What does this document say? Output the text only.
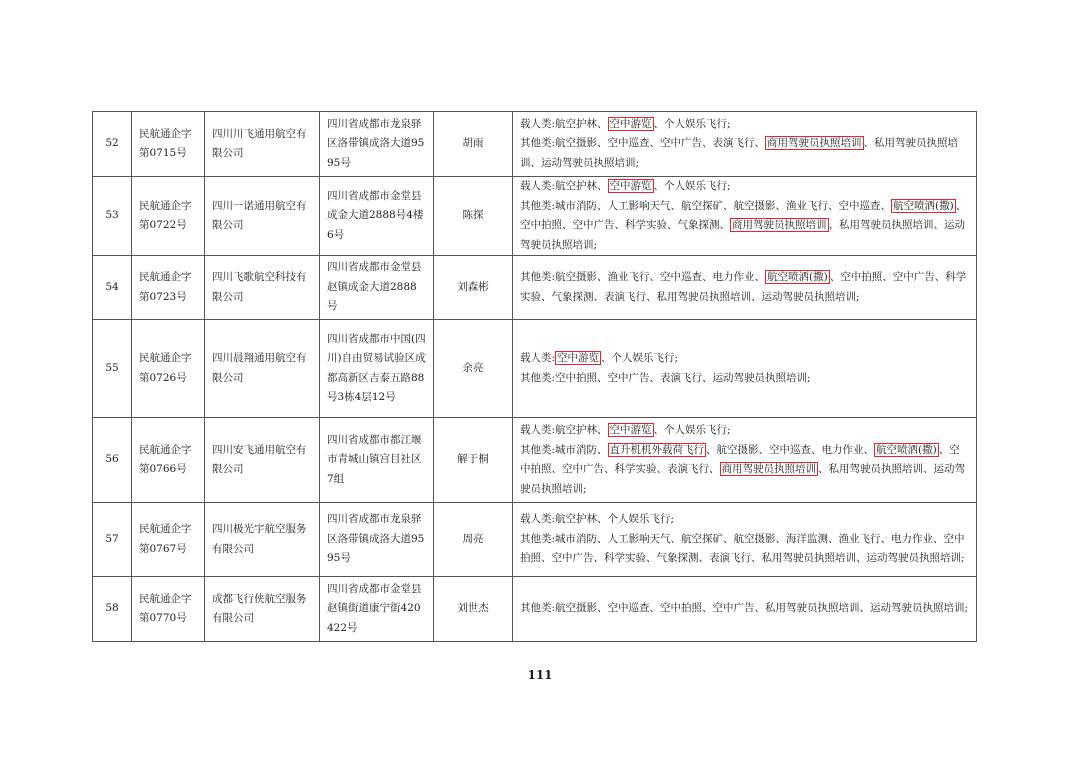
52	民航通企字第0715号	四川川飞通用航空有限公司	四川省成都市龙泉驿区洛带镇成洛大道9595号	胡雨	载人类:航空护林、 空中游览 、个人娱乐飞行;
其他类:航空摄影、空中巡查、空中广告、表演飞行、 商用驾驶员执照培训 、私用驾驶员执照培训、运动驾驶员执照培训;

53	民航通企字第0722号	四川一诺通用航空有限公司	四川省成都市金堂县成金大道2888号4楼6号	陈探	载人类:航空护林、 空中游览 、个人娱乐飞行;
其他类:城市消防、人工影响天气、航空探矿、航空摄影、渔业飞行、空中巡查、 航空喷洒(撒) 、空中拍照、空中广告、科学实验、气象探测、 商用驾驶员执照培训 、私用驾驶员执照培训、运动驾驶员执照培训;

54	民航通企字第0723号	四川飞歌航空科技有限公司	四川省成都市金堂县赵镇成金大道2888号	刘森彬	其他类:航空摄影、渔业飞行、空中巡查、电力作业、 航空喷洒(撒) 、空中拍照、空中广告、科学实验、气象探测、表演飞行、私用驾驶员执照培训、运动驾驶员执照培训;

55	民航通企字第0726号	四川晨翔通用航空有限公司	四川省成都市中国(四川)自由贸易试验区成都高新区吉泰五路88号3栋4层12号	余亮	载人类: 空中游览 、个人娱乐飞行;
其他类:空中拍照、空中广告、表演飞行、运动驾驶员执照培训;

56	民航通企字第0766号	四川安飞通用航空有限公司	四川省成都市都江堰市青城山镇宫目社区7组	解于桐	载人类:航空护林、 空中游览 、个人娱乐飞行;
其他类:城市消防、 直升机机外载荷飞行 、航空摄影、空中巡查、电力作业、 航空喷洒(撒) 、空中拍照、空中广告、科学实验、表演飞行、 商用驾驶员执照培训 、私用驾驶员执照培训、运动驾驶员执照培训;

57	民航通企字第0767号	四川极光宇航空服务有限公司	四川省成都市龙泉驿区洛带镇成洛大道9595号	周亮	载人类:航空护林、个人娱乐飞行;
其他类:城市消防、人工影响天气、航空探矿、航空摄影、海洋监测、渔业飞行、电力作业、空中拍照、空中广告、科学实验、气象探测、表演飞行、私用驾驶员执照培训、运动驾驶员执照培训;

58	民航通企字第0770号	成都飞行侠航空服务有限公司	四川省成都市金堂县赵镇街道康宁街420422号	刘世杰	其他类:航空摄影、空中巡查、空中拍照、空中广告、私用驾驶员执照培训、运动驾驶员执照培训;
111
